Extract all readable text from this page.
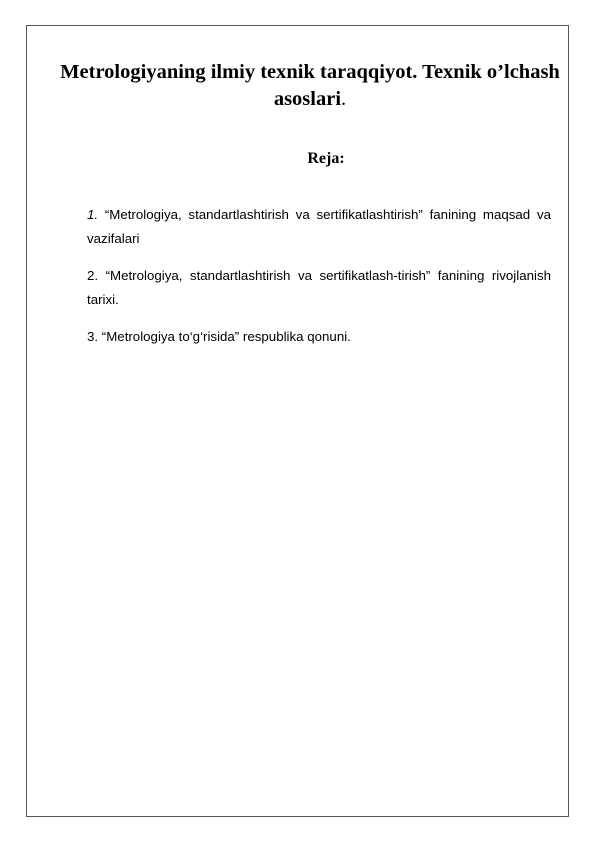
Metrologiyaning ilmiy texnik taraqqiyot. Texnik o’lchash asoslari.
Reja:

1. “Metrologiya, standartlashtirish va sertifikatlashtirish” fanining maqsad va vazifalari

2. “Metrologiya, standartlashtirish va sertifikatlash-tirish” fanining rivojlanish tarixi.

3. “Metrologiya to‘g‘risida” respublika qonuni.
